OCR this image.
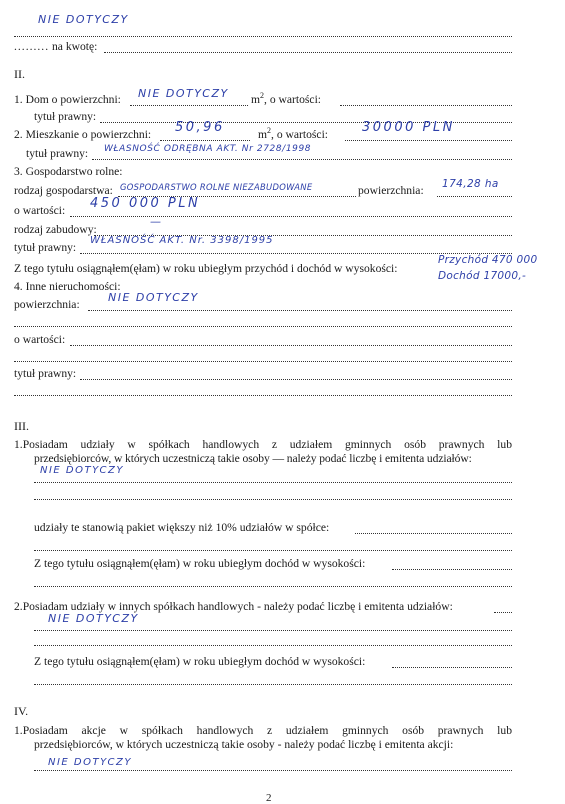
NIE DOTYCZY
......... na kwotę:
II.
1. Dom o powierzchni: NIE DOTYCZY $m^2$, o wartości:
tytuł prawny:
2. Mieszkanie o powierzchni: 50,96	$m^2$, o wartości:	30000 PLN
tytuł prawny: WŁASNOŚĆ ODRĘBNA AKT. Nr 2728/1998
3. Gospodarstwo rolne:
rodzaj gospodarstwa: GOSPODARSTWO ROLNE NIEZABUDOWANE	powierzchnia: 174,28 ha
o wartości: 450 000 PLN
rodzaj zabudowy:
—
tytuł prawny:
WŁASNOŚĆ AKT. Nr. 3398/1995
Z tego tytułu osiągnąłem(ęłam) w roku ubiegłym przychód i dochód w wysokości:
Przychód 470 000
Dochód 17000,-
4. Inne nieruchomości:
powierzchnia:
NIE DOTYCZY
o wartości:
tytuł prawny:
III.
1.Posiadam udziały w spółkach handlowych z udziałem gminnych osób prawnych lub
przedsiębiorców, w których uczestniczą takie osoby — należy podać liczbę i emitenta udziałów:
NIE DOTYCZY
udziały te stanowią pakiet większy niż 10% udziałów w spółce:
Z tego tytułu osiągnąłem(ęłam) w roku ubiegłym dochód w wysokości:
2.Posiadam udziały w innych spółkach handlowych - należy podać liczbę i emitenta udziałów:
NIE DOTYCZY
Z tego tytułu osiągnąłem(ęłam) w roku ubiegłym dochód w wysokości:
IV.
1.Posiadam akcje w spółkach handlowych z udziałem gminnych osób prawnych lub
przedsiębiorców, w których uczestniczą takie osoby - należy podać liczbę i emitenta akcji:
NIE DOTYCZY
2
